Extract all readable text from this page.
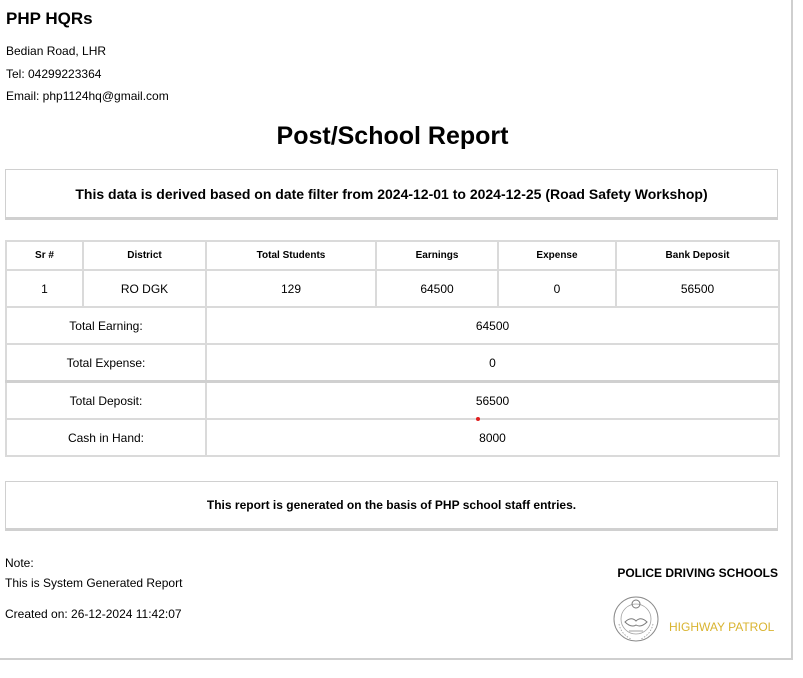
PHP HQRs
Bedian Road, LHR
Tel: 04299223364
Email: php1124hq@gmail.com
Post/School Report
This data is derived based on date filter from 2024-12-01 to 2024-12-25 (Road Safety Workshop)
Sr #	District	Total Students	Earnings	Expense	Bank Deposit
1	RO DGK	129	64500	0	56500
Total Earning:		64500			
Total Expense:		0			
Total Deposit:		56500			
Cash in Hand:		8000			
This report is generated on the basis of PHP school staff entries.
Note:
This is System Generated Report
Created on: 26-12-2024 11:42:07
POLICE DRIVING SCHOOLS
HIGHWAY PATROL
